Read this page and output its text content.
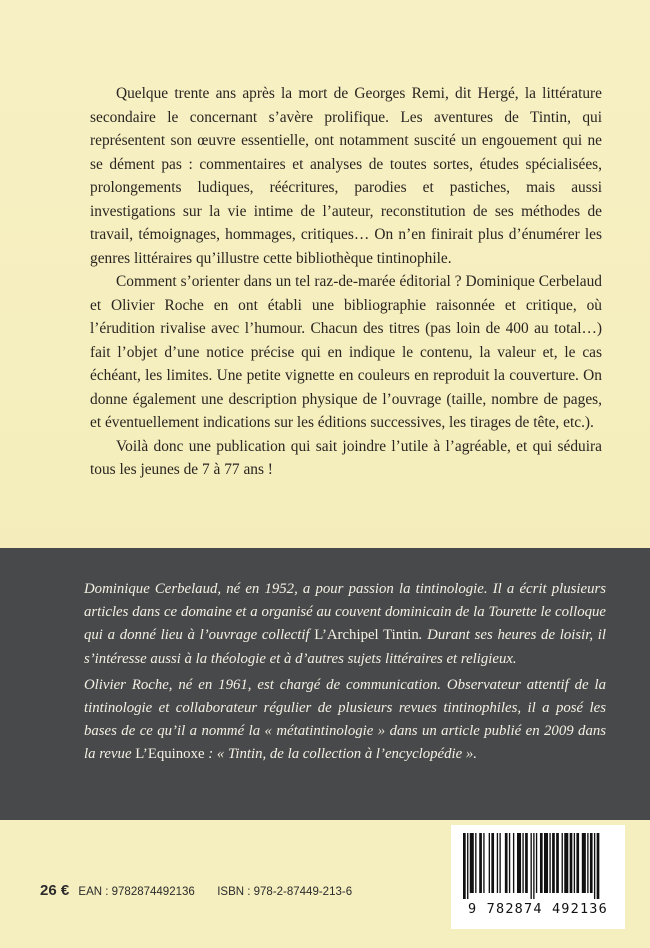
Quelque trente ans après la mort de Georges Remi, dit Hergé, la littérature secondaire le concernant s’avère prolifique. Les aventures de Tintin, qui représentent son œuvre essentielle, ont notamment suscité un engouement qui ne se dément pas : commentaires et analyses de toutes sortes, études spécialisées, prolongements ludiques, réécritures, parodies et pastiches, mais aussi investigations sur la vie intime de l’auteur, reconstitution de ses méthodes de travail, témoignages, hommages, critiques… On n’en finirait plus d’énumérer les genres littéraires qu’illustre cette bibliothèque tintinophile.

Comment s’orienter dans un tel raz-de-marée éditorial ? Dominique Cerbelaud et Olivier Roche en ont établi une bibliographie raisonnée et critique, où l’érudition rivalise avec l’humour. Chacun des titres (pas loin de 400 au total…) fait l’objet d’une notice précise qui en indique le contenu, la valeur et, le cas échéant, les limites. Une petite vignette en couleurs en reproduit la couverture. On donne également une description physique de l’ouvrage (taille, nombre de pages, et éventuellement indications sur les éditions successives, les tirages de tête, etc.).

Voilà donc une publication qui sait joindre l’utile à l’agréable, et qui séduira tous les jeunes de 7 à 77 ans !

Dominique Cerbelaud, né en 1952, a pour passion la tintinologie. Il a écrit plusieurs articles dans ce domaine et a organisé au couvent dominicain de la Tourette le colloque qui a donné lieu à l’ouvrage collectif L’Archipel Tintin. Durant ses heures de loisir, il s’intéresse aussi à la théologie et à d’autres sujets littéraires et religieux.

Olivier Roche, né en 1961, est chargé de communication. Observateur attentif de la tintinologie et collaborateur régulier de plusieurs revues tintinophiles, il a posé les bases de ce qu’il a nommé la « métatintinologie » dans un article publié en 2009 dans la revue L’Equinoxe : « Tintin, de la collection à l’encyclopédie ».

26 € EAN : 9782874492136 ISBN : 978-2-87449-213-6
9 782874 492136
